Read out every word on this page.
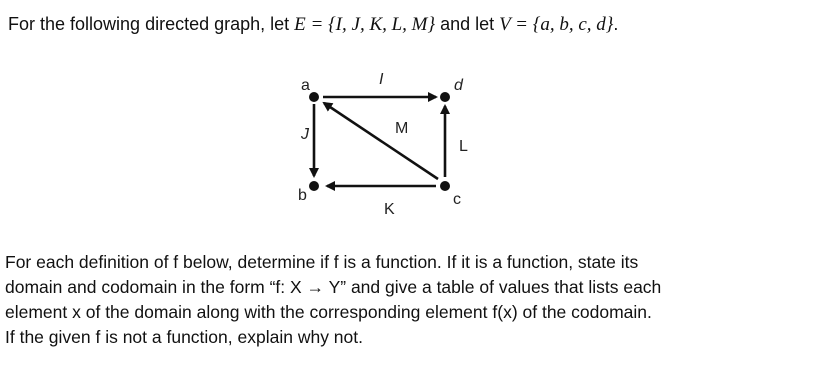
For the following directed graph, let E = {I, J, K, L, M} and let V = {a, b, c, d}.
a	d
b	c
I
J
K
L
M

For each definition of f below, determine if f is a function. If it is a function, state its

domain and codomain in the form “f: X → Y” and give a table of values that lists each

element x of the domain along with the corresponding element f(x) of the codomain.

If the given f is not a function, explain why not.
